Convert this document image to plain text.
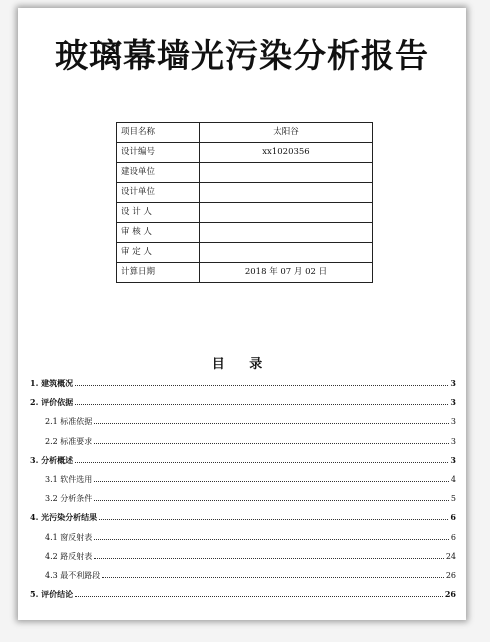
玻璃幕墙光污染分析报告
项目名称	太阳谷
设计编号	xx1020356
建设单位	
设计单位	
设 计 人	
审 核 人	
审 定 人	
计算日期	2018 年 07 月 02 日
目 录
1. 建筑概况	3
2. 评价依据	3
2.1 标准依据	3
2.2 标准要求	3
3. 分析概述	3
3.1 软件选用	4
3.2 分析条件	5
4. 光污染分析结果	6
4.1 窗反射表	6
4.2 路反射表	24
4.3 最不利路段	26
5. 评价结论	26
